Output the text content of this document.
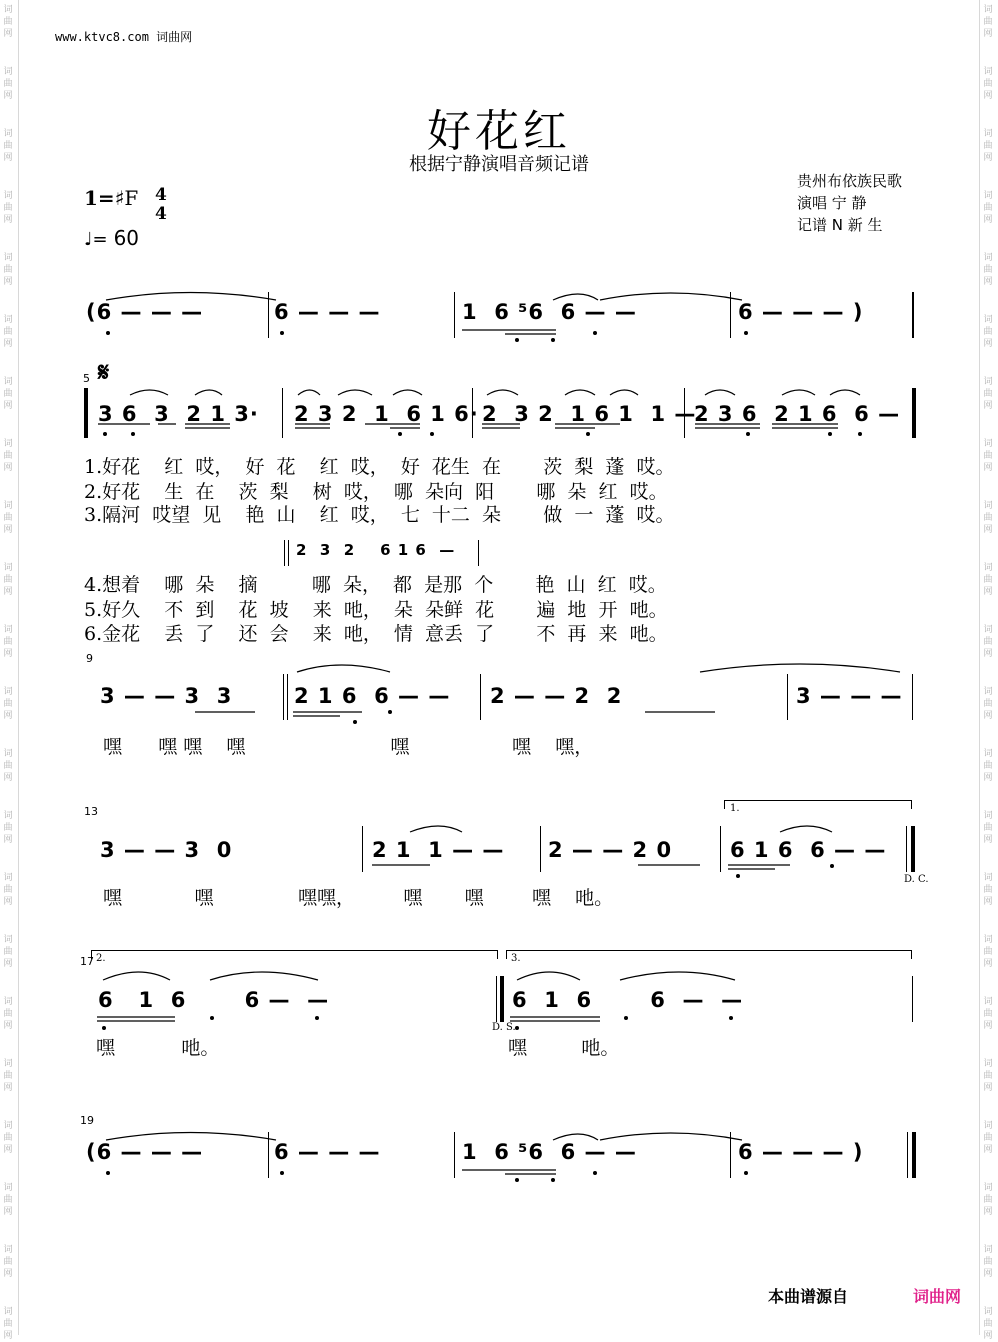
词
曲
网
词
曲
网
词
曲
网
词
曲
网
词
曲
网
词
曲
网
词
曲
网
词
曲
网
词
曲
网
词
曲
网
词
曲
网
词
曲
网
词
曲
网
词
曲
网
词
曲
网
词
曲
网
词
曲
网
词
曲
网
词
曲
网
词
曲
网
词
曲
网
词
曲
网
词
曲
网
词
曲
网
词
曲
网
词
曲
网
词
曲
网
词
曲
网
词
曲
网
词
曲
网
词
曲
网
词
曲
网
词
曲
网
词
曲
网
词
曲
网
词
曲
网
词
曲
网
词
曲
网
词
曲
网
词
曲
网
词
曲
网
词
曲
网
词
曲
网
词
曲
网
www.ktvc8.com 词曲网
好花红
根据宁静演唱音频记谱
贵州布依族民歌
演唱 宁 静
记谱 N 新 生
1=♯F 4
4
♩= 60
(6 — — —	6 — — —	1  6 ⁵6  6 — —	6 — — — )
5 𝄋
3 6  3  2 1 3· 2 3 2  1  6 1 6· 2  3 2  1 6 1  1 —
2 3 6  2 1 6  6 —
1.好花    红  哎，  好  花    红  哎，  好  花生  在       茨  梨  蓬  哎。
2.好花    生  在    茨  梨    树  哎，  哪  朵向  阳       哪  朵  红  哎。
3.隔河  哎望  见    艳  山    红  哎，  七  十二  朵       做  一  蓬  哎。
2  3  2    6 1 6  —
4.想着    哪  朵    摘         哪  朵，  都  是那  个       艳  山  红  哎。
5.好久    不  到    花  坡    来  吔，  朵  朵鲜  花       遍  地  开  吔。
6.金花    丢  了    还  会    来  吔，  情  意丢  了       不  再  来  吔。
9
3 — — 3  3	2 1 6  6 — — 2 — — 2  2	3 — — —
嘿      嘿 嘿    嘿                        嘿                 嘿    嘿，
13
3 — — 3  0	2 1  1 — — 2 — — 2 0
1.
6 1 6  6 — —
D. C.
嘿            嘿              嘿嘿，        嘿       嘿        嘿    吔。
17 2.
6   1  6       6 —  —
D. S.
3.
6  1  6       6  —  —
嘿           吔。	嘿         吔。
19
(6 — — —	6 — — —	1  6 ⁵6  6 — —	6 — — — )
本曲谱源自	词曲网
